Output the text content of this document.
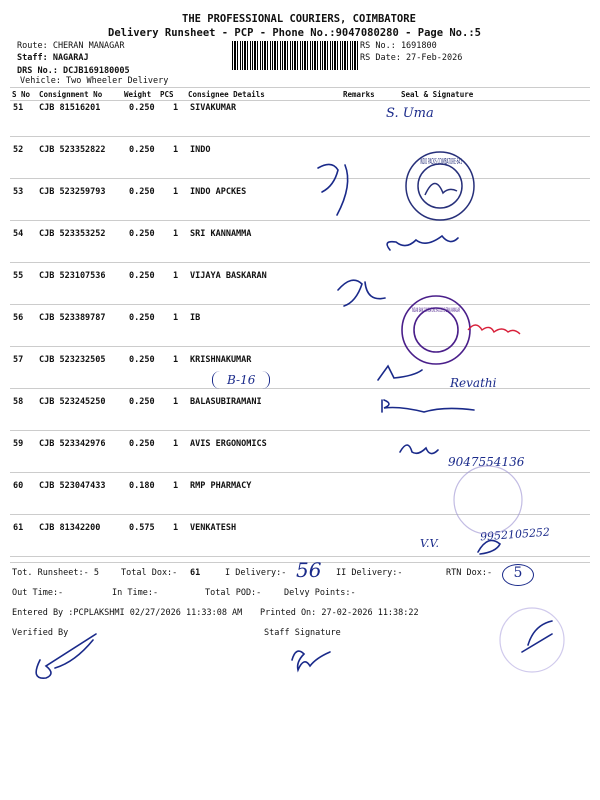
THE PROFESSIONAL COURIERS, COIMBATORE
Delivery Runsheet - PCP - Phone No.:9047080280 - Page No.:5
Route: CHERAN MANAGAR
Staff: NAGARAJ
DRS No.: DCJB169180005
Vehicle: Two Wheeler Delivery
RS No.: 1691800
RS Date: 27-Feb-2026
S No Consignment No	Weight PCS Consignee Details	Remarks	Seal & Signature
51 CJB 81516201	0.250 1 SIVAKUMAR
52 CJB 523352822	0.250 1 INDO
53 CJB 523259793	0.250 1 INDO APCKES
54 CJB 523353252	0.250 1 SRI KANNAMMA
55 CJB 523107536	0.250 1 VIJAYA BASKARAN
56 CJB 523389787	0.250 1 IB
57 CJB 523232505	0.250 1 KRISHNAKUMAR
58 CJB 523245250	0.250 1 BALASUBIRAMANI
59 CJB 523342976	0.250 1 AVIS ERGONOMICS
60 CJB 523047433	0.180 1 RMP PHARMACY
61 CJB 81342200	0.575 1 VENKATESH
Tot. Runsheet:- 5	Total Dox:- 61	I Delivery:- 56 II Delivery:-	RTN Dox:-	5
Out Time:-	In Time:-	Total POD:-	Delvy Points:-
Entered By :PCPLAKSHMI 02/27/2026 11:33:08 AM Printed On: 27-02-2026 11:38:22
Verified By	Staff Signature
S. Uma
B-16	Revathi
9047554136
V.V.
9952105252
INDO PACKS COIMBATORE-641
INDIAN BANK COIMBATORE 641025 CHERAN MANAGAR
